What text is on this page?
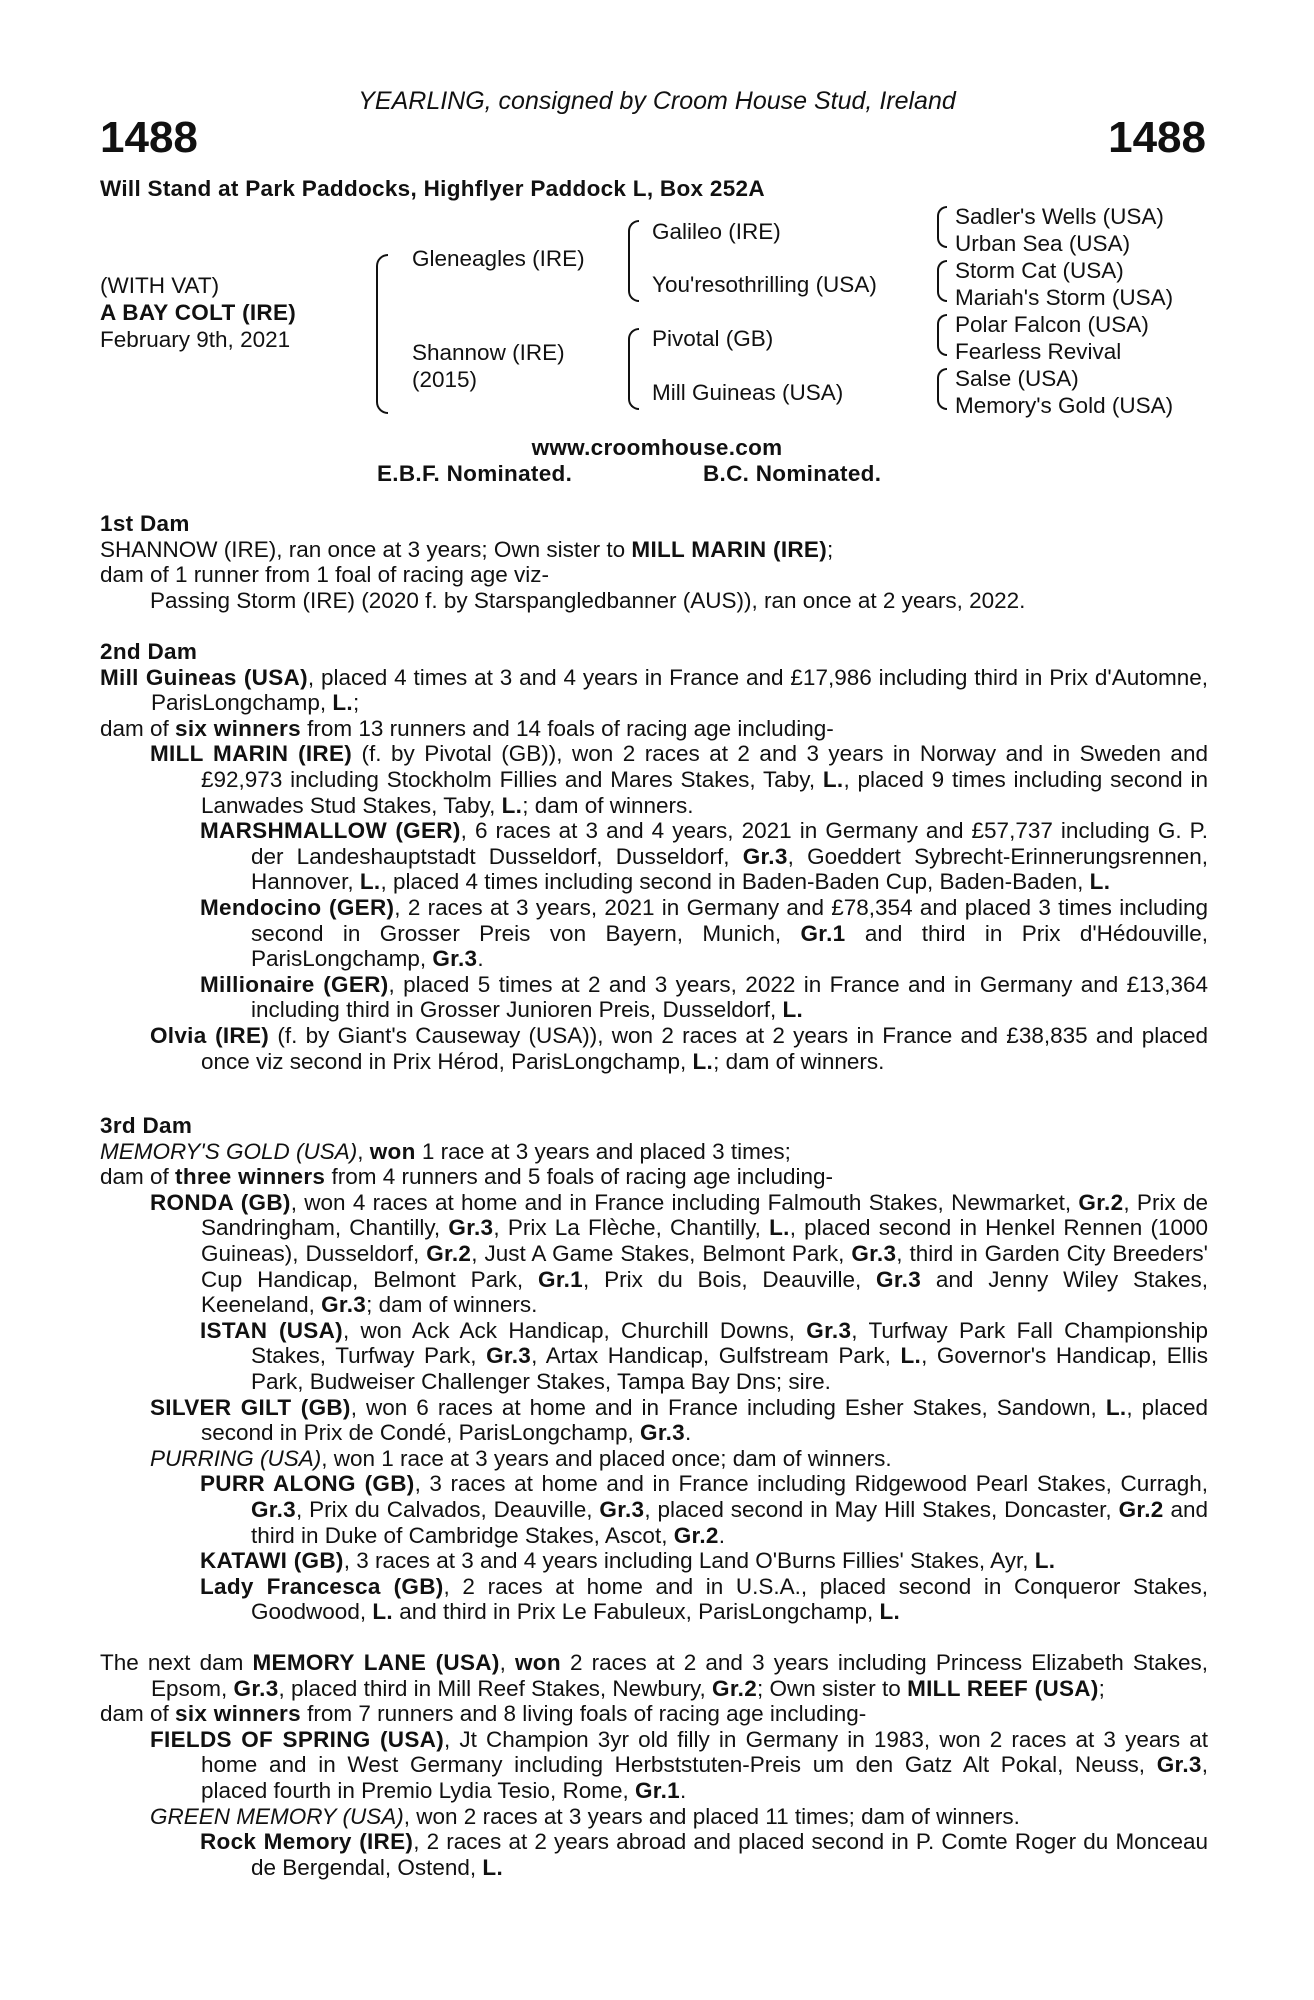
YEARLING, consigned by Croom House Stud, Ireland
1488	1488
Will Stand at Park Paddocks, Highflyer Paddock L, Box 252A
(WITH VAT)
A BAY COLT (IRE)
February 9th, 2021
Gleneagles (IRE)
Shannow (IRE)
(2015)
Galileo (IRE)
You'resothrilling (USA)
Pivotal (GB)
Mill Guineas (USA)
Sadler's Wells (USA)
Urban Sea (USA)
Storm Cat (USA)
Mariah's Storm (USA)
Polar Falcon (USA)
Fearless Revival
Salse (USA)
Memory's Gold (USA)
www.croomhouse.com
E.B.F. Nominated.	B.C. Nominated.

1st Dam

SHANNOW (IRE), ran once at 3 years; Own sister to MILL MARIN (IRE);

dam of 1 runner from 1 foal of racing age viz-

Passing Storm (IRE) (2020 f. by Starspangledbanner (AUS)), ran once at 2 years, 2022.

2nd Dam

Mill Guineas (USA), placed 4 times at 3 and 4 years in France and £17,986 including third in Prix d'Automne, ParisLongchamp, L.;

dam of six winners from 13 runners and 14 foals of racing age including-

MILL MARIN (IRE) (f. by Pivotal (GB)), won 2 races at 2 and 3 years in Norway and in Sweden and £92,973 including Stockholm Fillies and Mares Stakes, Taby, L., placed 9 times including second in Lanwades Stud Stakes, Taby, L.; dam of winners.

MARSHMALLOW (GER), 6 races at 3 and 4 years, 2021 in Germany and £57,737 including G. P. der Landeshauptstadt Dusseldorf, Dusseldorf, Gr.3, Goeddert Sybrecht-Erinnerungsrennen, Hannover, L., placed 4 times including second in Baden-Baden Cup, Baden-Baden, L.

Mendocino (GER), 2 races at 3 years, 2021 in Germany and £78,354 and placed 3 times including second in Grosser Preis von Bayern, Munich, Gr.1 and third in Prix d'Hédouville, ParisLongchamp, Gr.3.

Millionaire (GER), placed 5 times at 2 and 3 years, 2022 in France and in Germany and £13,364 including third in Grosser Junioren Preis, Dusseldorf, L.

Olvia (IRE) (f. by Giant's Causeway (USA)), won 2 races at 2 years in France and £38,835 and placed once viz second in Prix Hérod, ParisLongchamp, L.; dam of winners.

3rd Dam

MEMORY'S GOLD (USA), won 1 race at 3 years and placed 3 times;

dam of three winners from 4 runners and 5 foals of racing age including-

RONDA (GB), won 4 races at home and in France including Falmouth Stakes, Newmarket, Gr.2, Prix de Sandringham, Chantilly, Gr.3, Prix La Flèche, Chantilly, L., placed second in Henkel Rennen (1000 Guineas), Dusseldorf, Gr.2, Just A Game Stakes, Belmont Park, Gr.3, third in Garden City Breeders' Cup Handicap, Belmont Park, Gr.1, Prix du Bois, Deauville, Gr.3 and Jenny Wiley Stakes, Keeneland, Gr.3; dam of winners.

ISTAN (USA), won Ack Ack Handicap, Churchill Downs, Gr.3, Turfway Park Fall Championship Stakes, Turfway Park, Gr.3, Artax Handicap, Gulfstream Park, L., Governor's Handicap, Ellis Park, Budweiser Challenger Stakes, Tampa Bay Dns; sire.

SILVER GILT (GB), won 6 races at home and in France including Esher Stakes, Sandown, L., placed second in Prix de Condé, ParisLongchamp, Gr.3.

PURRING (USA), won 1 race at 3 years and placed once; dam of winners.

PURR ALONG (GB), 3 races at home and in France including Ridgewood Pearl Stakes, Curragh, Gr.3, Prix du Calvados, Deauville, Gr.3, placed second in May Hill Stakes, Doncaster, Gr.2 and third in Duke of Cambridge Stakes, Ascot, Gr.2.

KATAWI (GB), 3 races at 3 and 4 years including Land O'Burns Fillies' Stakes, Ayr, L.

Lady Francesca (GB), 2 races at home and in U.S.A., placed second in Conqueror Stakes, Goodwood, L. and third in Prix Le Fabuleux, ParisLongchamp, L.

The next dam MEMORY LANE (USA), won 2 races at 2 and 3 years including Princess Elizabeth Stakes, Epsom, Gr.3, placed third in Mill Reef Stakes, Newbury, Gr.2; Own sister to MILL REEF (USA);

dam of six winners from 7 runners and 8 living foals of racing age including-

FIELDS OF SPRING (USA), Jt Champion 3yr old filly in Germany in 1983, won 2 races at 3 years at home and in West Germany including Herbststuten-Preis um den Gatz Alt Pokal, Neuss, Gr.3, placed fourth in Premio Lydia Tesio, Rome, Gr.1.

GREEN MEMORY (USA), won 2 races at 3 years and placed 11 times; dam of winners.

Rock Memory (IRE), 2 races at 2 years abroad and placed second in P. Comte Roger du Monceau de Bergendal, Ostend, L.
